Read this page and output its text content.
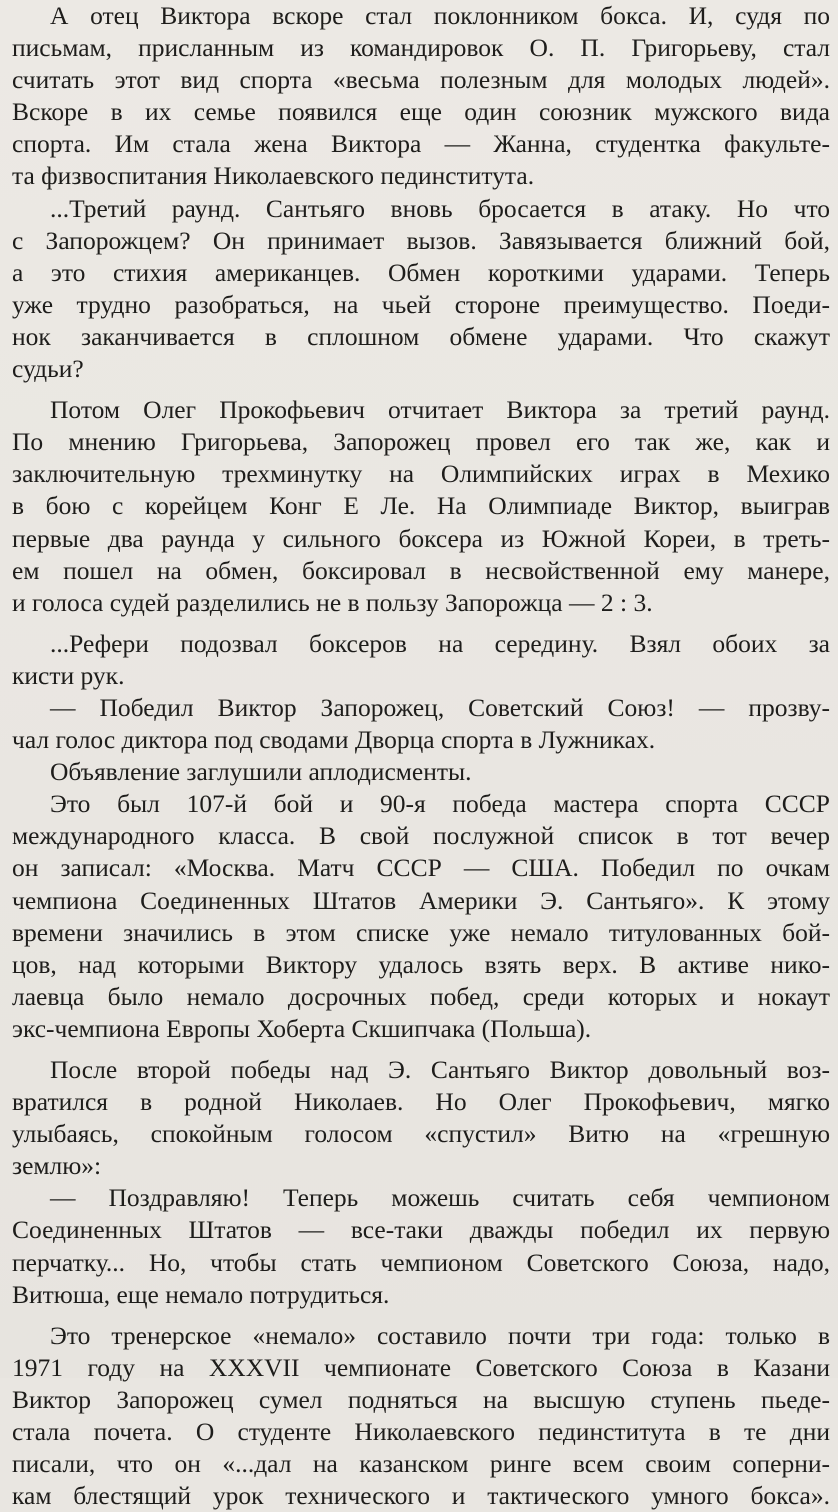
А отец Виктора вскоре стал поклонником бокса. И, судя по
письмам, присланным из командировок О. П. Григорьеву, стал
считать этот вид спорта «весьма полезным для молодых людей».
Вскоре в их семье появился еще один союзник мужского вида
спорта. Им стала жена Виктора — Жанна, студентка факульте-
та физвоспитания Николаевского пединститута.

...Третий раунд. Сантьяго вновь бросается в атаку. Но что
с Запорожцем? Он принимает вызов. Завязывается ближний бой,
а это стихия американцев. Обмен короткими ударами. Теперь
уже трудно разобраться, на чьей стороне преимущество. Поеди-
нок заканчивается в сплошном обмене ударами. Что скажут
судьи?

Потом Олег Прокофьевич отчитает Виктора за третий раунд.
По мнению Григорьева, Запорожец провел его так же, как и
заключительную трехминутку на Олимпийских играх в Мехико
в бою с корейцем Конг Е Ле. На Олимпиаде Виктор, выиграв
первые два раунда у сильного боксера из Южной Кореи, в треть-
ем пошел на обмен, боксировал в несвойственной ему манере,
и голоса судей разделились не в пользу Запорожца — 2 : 3.

...Рефери подозвал боксеров на середину. Взял обоих за
кисти рук.

— Победил Виктор Запорожец, Советский Союз! — прозву-
чал голос диктора под сводами Дворца спорта в Лужниках.

Объявление заглушили аплодисменты.

Это был 107-й бой и 90-я победа мастера спорта СССР
международного класса. В свой послужной список в тот вечер
он записал: «Москва. Матч СССР — США. Победил по очкам
чемпиона Соединенных Штатов Америки Э. Сантьяго». К этому
времени значились в этом списке уже немало титулованных бой-
цов, над которыми Виктору удалось взять верх. В активе нико-
лаевца было немало досрочных побед, среди которых и нокаут
экс-чемпиона Европы Хоберта Скшипчака (Польша).

После второй победы над Э. Сантьяго Виктор довольный воз-
вратился в родной Николаев. Но Олег Прокофьевич, мягко
улыбаясь, спокойным голосом «спустил» Витю на «грешную
землю»:

— Поздравляю! Теперь можешь считать себя чемпионом
Соединенных Штатов — все-таки дважды победил их первую
перчатку... Но, чтобы стать чемпионом Советского Союза, надо,
Витюша, еще немало потрудиться.

Это тренерское «немало» составило почти три года: только в
1971 году на XXXVII чемпионате Советского Союза в Казани
Виктор Запорожец сумел подняться на высшую ступень пьеде-
стала почета. О студенте Николаевского пединститута в те дни
писали, что он «...дал на казанском ринге всем своим соперни-
кам блестящий урок технического и тактического умного бокса».
